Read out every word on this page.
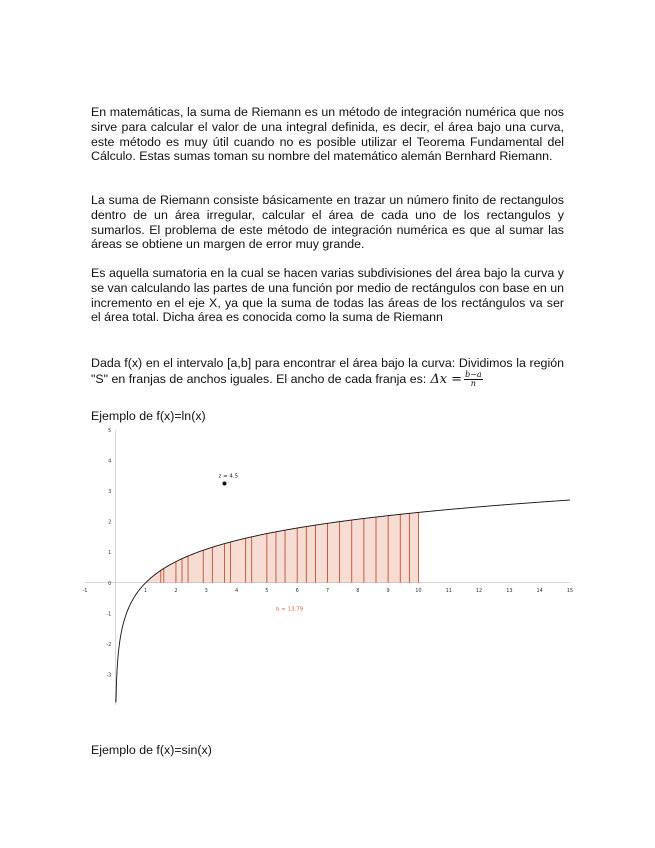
En matemáticas, la suma de Riemann es un método de integración numérica que nos sirve para calcular el valor de una integral definida, es decir, el área bajo una curva, este método es muy útil cuando no es posible utilizar el Teorema Fundamental del Cálculo. Estas sumas toman su nombre del matemático alemán Bernhard Riemann.

La suma de Riemann consiste básicamente en trazar un número finito de rectangulos dentro de un área irregular, calcular el área de cada uno de los rectangulos y sumarlos. El problema de este método de integración numérica es que al sumar las áreas se obtiene un margen de error muy grande.

Es aquella sumatoria en la cual se hacen varias subdivisiones del área bajo la curva y se van calculando las partes de una función por medio de rectángulos con base en un incremento en el eje X, ya que la suma de todas las áreas de los rectángulos va ser el área total. Dicha área es conocida como la suma de Riemann

Dada f(x) en el intervalo [a,b] para encontrar el área bajo la curva: Dividimos la región "S" en franjas de anchos iguales. El ancho de cada franja es: $\Delta x = \frac{b-a}{n}$

Ejemplo de f(x)=ln(x)
-1	1	2	3	4	5	6	7	8	9	10	11	12	13	14	15
5
4
3
2
1
0
-1
-2
-3
z = 4.5
b = 13.79
Ejemplo de f(x)=sin(x)
